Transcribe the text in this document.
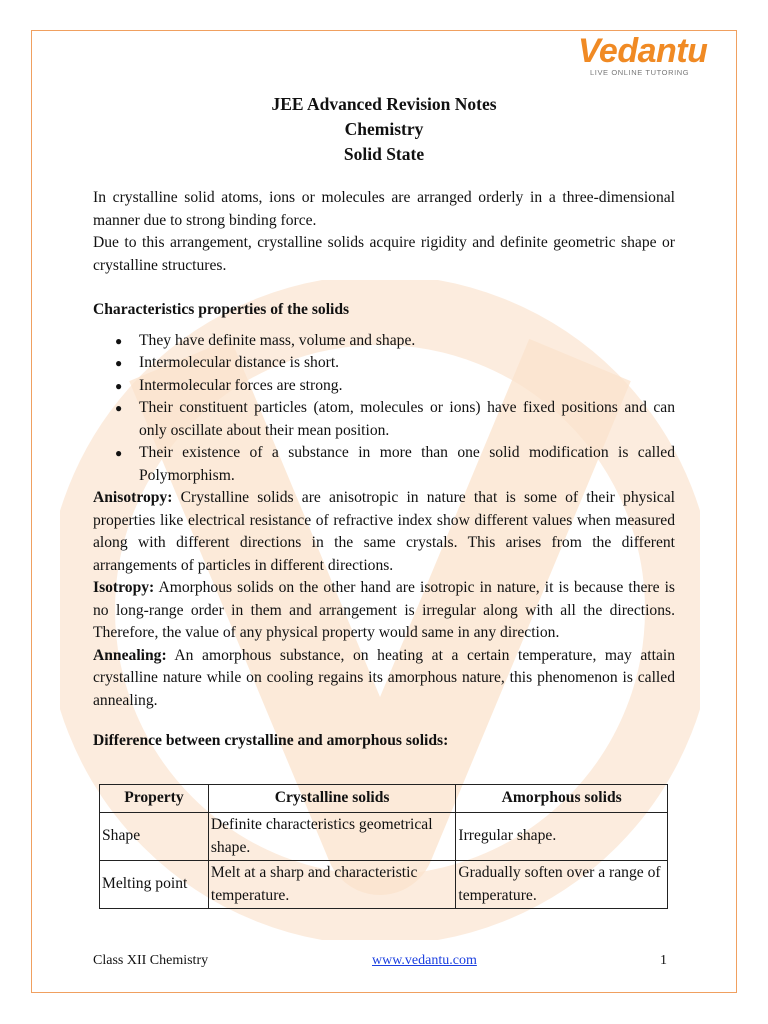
Vedantu
LIVE ONLINE TUTORING
JEE Advanced Revision Notes
Chemistry
Solid State

In crystalline solid atoms, ions or molecules are arranged orderly in a three-dimensional manner due to strong binding force.

Due to this arrangement, crystalline solids acquire rigidity and definite geometric shape or crystalline structures.

Characteristics properties of the solids
● They have definite mass, volume and shape.
● Intermolecular distance is short.
● Intermolecular forces are strong.
● Their constituent particles (atom, molecules or ions) have fixed positions and can only oscillate about their mean position.
● Their existence of a substance in more than one solid modification is called Polymorphism.

Anisotropy: Crystalline solids are anisotropic in nature that is some of their physical properties like electrical resistance of refractive index show different values when measured along with different directions in the same crystals. This arises from the different arrangements of particles in different directions.

Isotropy: Amorphous solids on the other hand are isotropic in nature, it is because there is no long-range order in them and arrangement is irregular along with all the directions. Therefore, the value of any physical property would same in any direction.

Annealing: An amorphous substance, on heating at a certain temperature, may attain crystalline nature while on cooling regains its amorphous nature, this phenomenon is called annealing.

Difference between crystalline and amorphous solids:

Property	Crystalline solids	Amorphous solids
Shape	Definite characteristics geometrical shape.	Irregular shape.
Melting point	Melt at a sharp and characteristic temperature.	Gradually soften over a range of temperature.
Class XII Chemistry	www.vedantu.com	1
